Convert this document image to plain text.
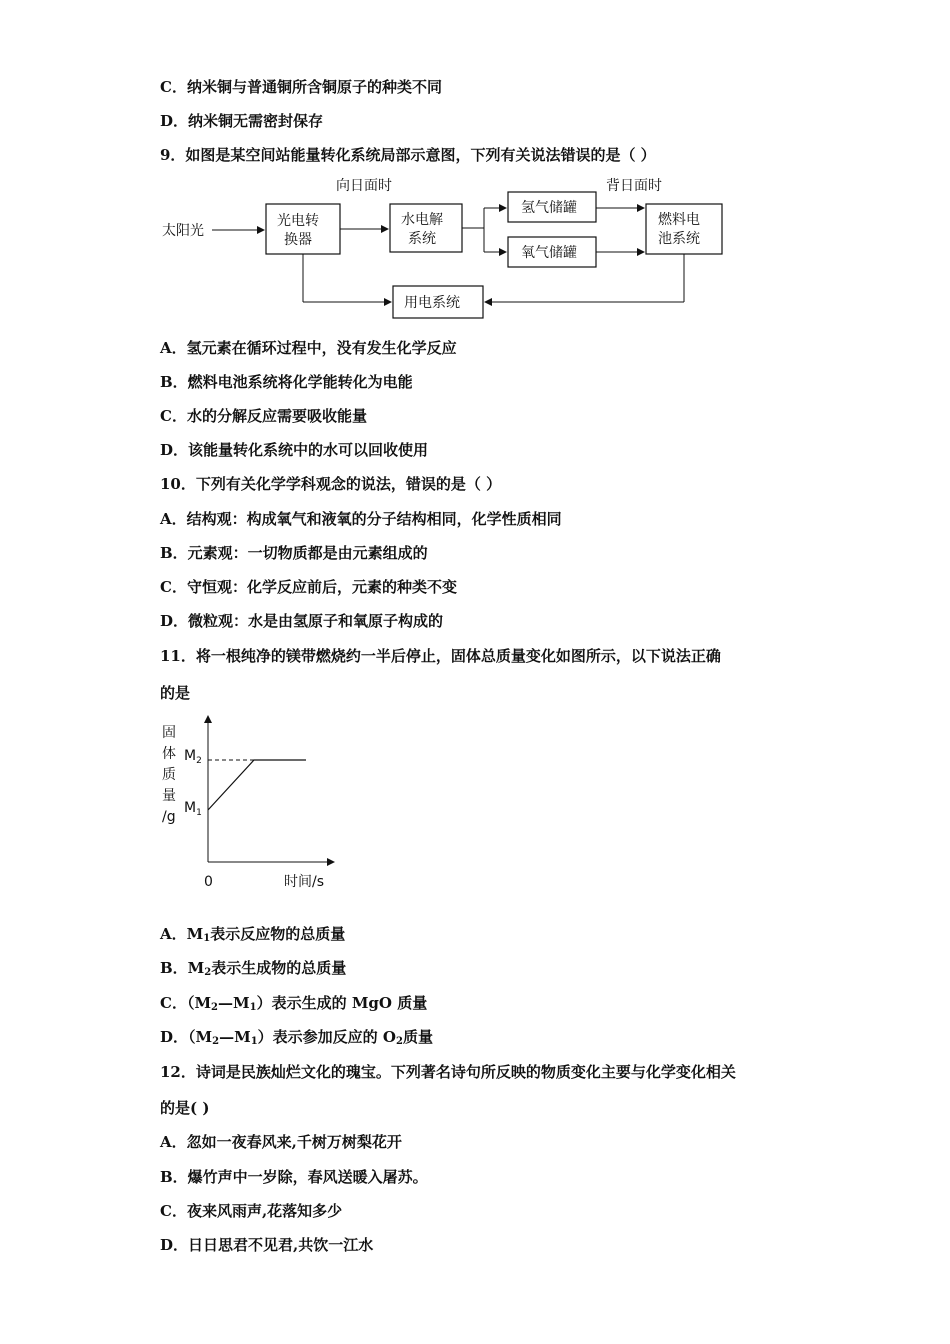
C．纳米铜与普通铜所含铜原子的种类不同
D．纳米铜无需密封保存
9．如图是某空间站能量转化系统局部示意图，下列有关说法错误的是（ ）
太阳光
向日面时	背日面时
光电转
换器
水电解
系统
氢气储罐
氧气储罐
燃料电
池系统
用电系统
A．氢元素在循环过程中，没有发生化学反应
B．燃料电池系统将化学能转化为电能
C．水的分解反应需要吸收能量
D．该能量转化系统中的水可以回收使用
10．下列有关化学学科观念的说法，错误的是（ ）
A．结构观：构成氧气和液氧的分子结构相同，化学性质相同
B．元素观：一切物质都是由元素组成的
C．守恒观：化学反应前后，元素的种类不变
D．微粒观：水是由氢原子和氧原子构成的
11．将一根纯净的镁带燃烧约一半后停止，固体总质量变化如图所示，以下说法正确
的是
固
体
质
量
/g
$M_2$
$M_1$
0	时间/s
A．$M_1$表示反应物的总质量
B．$M_2$表示生成物的总质量
C．$(M_2—M_1)$表示生成的 MgO 质量
D．$(M_2—M_1)$表示参加反应的 $O_2$质量
12．诗词是民族灿烂文化的瑰宝。下列著名诗句所反映的物质变化主要与化学变化相关
的是( )
A．忽如一夜春风来,千树万树梨花开
B．爆竹声中一岁除，春风送暖入屠苏。
C．夜来风雨声,花落知多少
D．日日思君不见君,共饮一江水
